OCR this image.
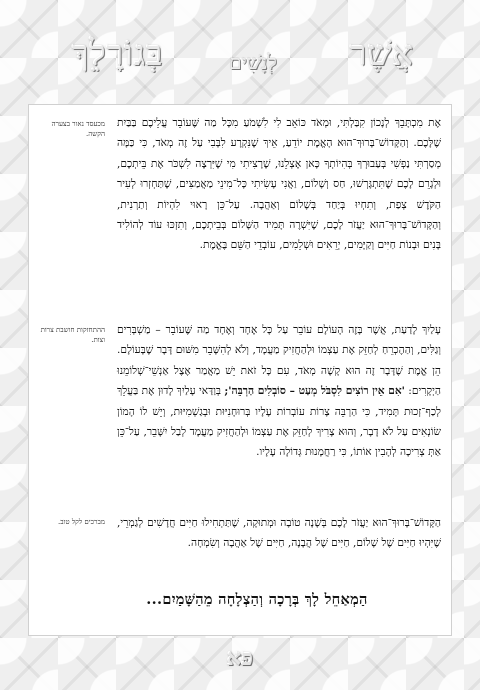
אֲשֶׁר
לְנָשִׁים
בְּגוֹרָלֵךְ
מכעסד נאור בצערה הקשה.
אֶת מִכְתָּבֵךְ לְנָכוֹן קִבַּלְתִּי, וּמְאֹד כּוֹאֵב לִי לִשְׁמֹעַ מִכָּל מַה שֶּׁעוֹבֵר עֲלֵיכֶם בַּבַּיִת שֶׁלָּכֶם. וְהַקָּדוֹשׁ־בָּרוּךְ־הוּא הָאֱמֶת יוֹדֵעַ, אֵיךְ שֶׁנִּקְרָע לִבָּבִי עַל זֶה מְאֹד, כִּי כַּמָּה מְסַרְתִּי נַפְשִׁי בְּעַבוּרְךָ בְּהִיוֹתְךָ כָּאן אֶצְלֵנוּ, שֶׁרָצִיתִי מִי שֶׁיִּרְצֶה לִשְׁכֹּר אֶת בֵּיתְכֶם, וּלְגָרֵם לָכֶם שֶׁתִּתְגָּרְשׁוּ, חַס וְשָׁלוֹם, וַאֲנִי עָשִׂיתִי כָּל־מִינֵי מַאֲמַצִּים, שֶׁתַּחְזְרוּ לְעִיר הַקֹּדֶשׁ צְפַת, וְתִחְיוּ בְּיַחַד בְּשָׁלוֹם וְאַהֲבָה. עַל־כֵּן רָאוּי לִהְיוֹת וְתַרְנִית, וְהַקָּדוֹשׁ־בָּרוּךְ־הוּא יַעֲזֹר לָכֶם, שֶׁיִּשְׁרֶה תָּמִיד הַשָּׁלוֹם בְּבֵיתְכֶם, וְתִזְכּוּ עוֹד לְהוֹלִיד בָּנִים וּבְנוֹת חַיִּים וְקַיָּמִים, יְרֵאִים וּשְׁלֵמִים, עוֹבְדֵי הַשֵּׁם בֶּאֱמֶת.
ההתחזקות חושבת צרות וצות.
עָלַיִךְ לָדַעַת, אֲשֶׁר בָּזֶה הָעוֹלָם עוֹבֵר עַל כָּל אֶחָד וְאֶחָד מַה שֶּׁעוֹבֵר – מַשְׁבְּרִים וְגַלִּים, וְהַהֶכְרֵחַ לְחַזֵּק אֶת עַצְמוֹ וּלְהַחֲזִיק מַעֲמָד, וְלֹא לְהִשָּׁבֵר מִשּׁוּם דָּבָר שֶׁבָּעוֹלָם. הֵן אֱמֶת שֶׁדָּבָר זֶה הוּא קָשֶׁה מְאֹד, עִם כָּל זֹאת יֵשׁ מַאֲמַר אֶצֶל אַנְשֵׁי־שְׁלוֹמֵנוּ הַיְקָרִים: 'אִם אֵין רוֹצִים לִסְבֹּל מְעַט – סוֹבְלִים הַרְבֵּה'; בְּוַדַּאי עָלַיִךְ לָדוּן אֶת בַּעֲלֵךְ לְכַף־זְכוּת תָּמִיד, כִּי הַרְבֵּה צָרוֹת עוֹבְרוֹת עָלָיו בְּרוּחָנִיּוּת וּבְגַשְׁמִיּוּת, וְיֵשׁ לוֹ הָמוֹן שׂוֹנְאִים עַל לֹא דָבָר, וְהוּא צָרִיךְ לְחַזֵּק אֶת עַצְמוֹ וּלְהַחֲזִיק מַעֲמָד לְבַל יִשָּׁבֵר, עַל־כֵּן אַתְּ צְרִיכָה לְהָבִין אוֹתוֹ, כִּי רַחֲמָנוּת גְּדוֹלָה עָלָיו.
מברכים לקל טוב. הַקָּדוֹשׁ־בָּרוּךְ־הוּא יַעֲזֹר לָכֶם בְּשָׁנָה טוֹבָה וּמְתוּקָה, שֶׁתַּתְחִילוּ חַיִּים חֲדָשִׁים לְגַמְרֵי, שֶׁיִּהְיוּ חַיִּים שֶׁל שָׁלוֹם, חַיִּים שֶׁל הֲבָנָה, חַיִּים שֶׁל אַהֲבָה וְשִׂמְחָה.
הַמְאַחֵל לָךְ בְּרָכָה וְהַצְלָחָה מֵהַשָּׁמַיִם...
פא
